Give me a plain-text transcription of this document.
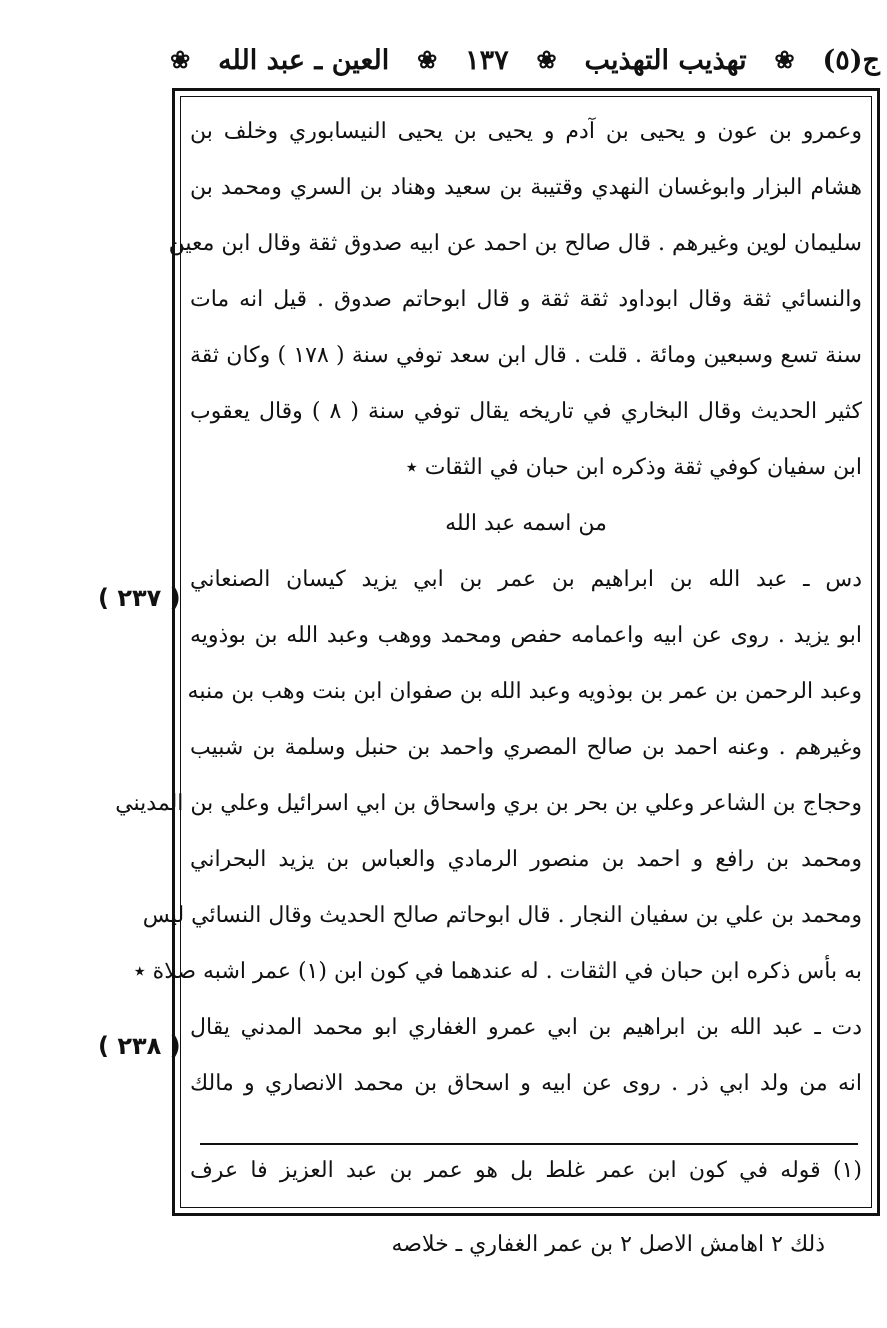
ج(٥)
❀
تهذيب التهذيب
❀
١٣٧
❀
العين ـ عبد الله
❀
وعمرو بن عون و يحيى بن آدم و يحيى بن يحيى النيسابوري وخلف بن
هشام البزار وابوغسان النهدي وقتيبة بن سعيد وهناد بن السري ومحمد بن
سليمان لوين وغيرهم . قال صالح بن احمد عن ابيه صدوق ثقة وقال ابن معين
والنسائي ثقة وقال ابوداود ثقة ثقة و قال ابوحاتم صدوق . قيل انه مات
سنة تسع وسبعين ومائة . قلت . قال ابن سعد توفي سنة ( ١٧٨ ) وكان ثقة
كثير الحديث وقال البخاري في تاريخه يقال توفي سنة ( ٨ ) وقال يعقوب
ابن سفيان كوفي ثقة وذكره ابن حبان في الثقات ٭
من اسمه عبد الله
دس ـ عبد الله بن ابراهيم بن عمر بن ابي يزيد كيسان الصنعاني
ابو يزيد . روى عن ابيه واعمامه حفص ومحمد ووهب وعبد الله بن بوذويه
وعبد الرحمن بن عمر بن بوذويه وعبد الله بن صفوان ابن بنت وهب بن منبه
وغيرهم . وعنه احمد بن صالح المصري واحمد بن حنبل وسلمة بن شبيب
وحجاج بن الشاعر وعلي بن بحر بن بري واسحاق بن ابي اسرائيل وعلي بن المديني
ومحمد بن رافع و احمد بن منصور الرمادي والعباس بن يزيد البحراني
ومحمد بن علي بن سفيان النجار . قال ابوحاتم صالح الحديث وقال النسائي ليس
به بأس ذكره ابن حبان في الثقات . له عندهما في كون ابن (١) عمر اشبه صلاة ٭
دت ـ عبد الله بن ابراهيم بن ابي عمرو الغفاري ابو محمد المدني يقال
انه من ولد ابي ذر . روى عن ابيه و اسحاق بن محمد الانصاري و مالك
( ٢٣٧ )
( ٢٣٨ )
(١) قوله في كون ابن عمر غلط بل هو عمر بن عبد العزيز فا عرف
ذلك ٢ اهامش الاصل ٢ بن عمر الغفاري ـ خلاصه
